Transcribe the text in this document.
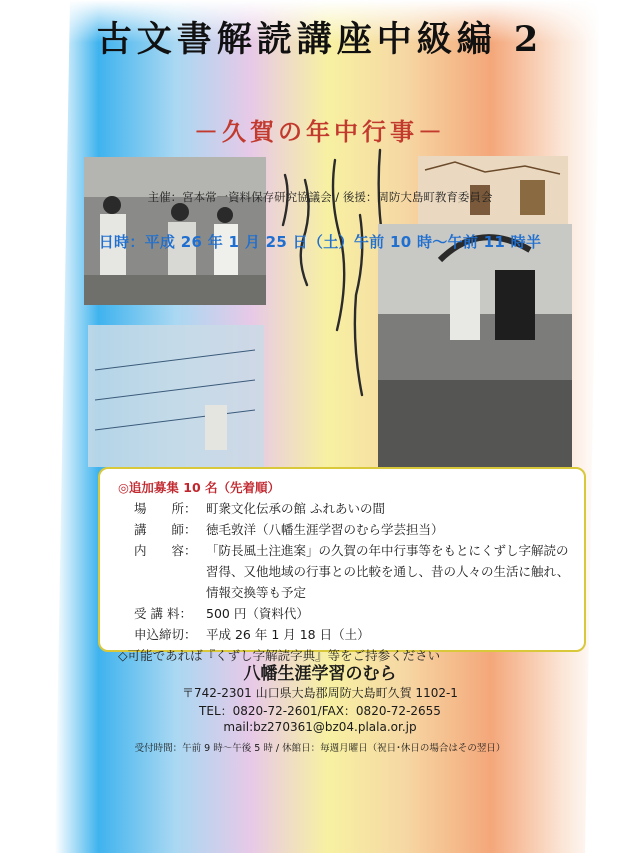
古文書解読講座中級編 2
－久賀の年中行事－
主催：宮本常一資料保存研究協議会 / 後援：周防大島町教育委員会
日時：平成 26 年 1 月 25 日（土）午前 10 時～午前 11 時半
◎追加募集 10 名（先着順）
場　　所： 町衆文化伝承の館 ふれあいの間
講　　師： 徳毛敦洋（八幡生涯学習のむら学芸担当）
内　　容： 「防長風土注進案」の久賀の年中行事等をもとにくずし字解読の習得、又他地域の行事との比較を通し、昔の人々の生活に触れ、情報交換等も予定
受 講 料：	500 円（資料代）
申込締切： 平成 26 年 1 月 18 日（土）
◇可能であれば『くずし字解読字典』等をご持参ください
八幡生涯学習のむら
〒742-2301 山口県大島郡周防大島町久賀 1102-1
TEL：0820-72-2601/FAX：0820-72-2655
mail:bz270361@bz04.plala.or.jp
受付時間：午前 9 時～午後 5 時 / 休館日：毎週月曜日（祝日･休日の場合はその翌日）
